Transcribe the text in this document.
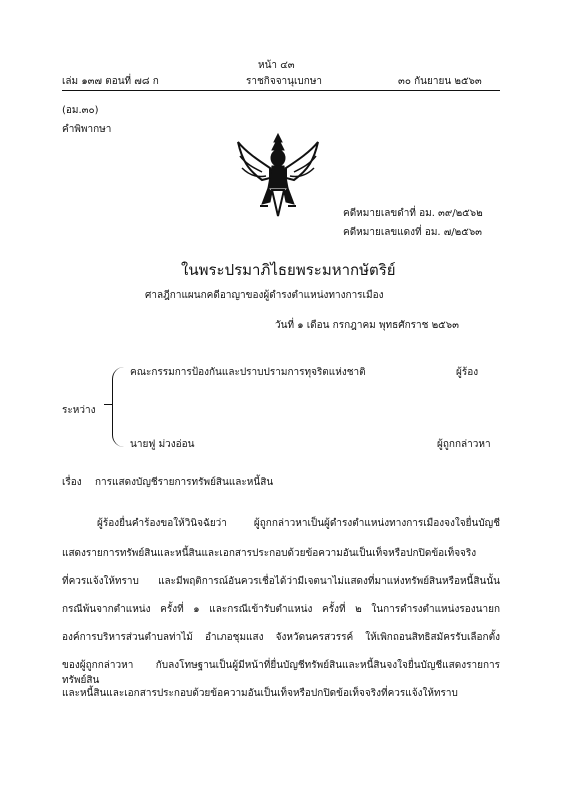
หน้า ๔๓
เล่ม ๑๓๗ ตอนที่ ๗๘ ก	ราชกิจจานุเบกษา	๓๐ กันยายน ๒๕๖๓
(อม.๓๐)
คำพิพากษา
คดีหมายเลขดำที่ อม. ๓๙/๒๕๖๒
คดีหมายเลขแดงที่ อม. ๗/๒๕๖๓
ในพระปรมาภิไธยพระมหากษัตริย์
ศาลฎีกาแผนกคดีอาญาของผู้ดำรงตำแหน่งทางการเมือง
วันที่ ๑ เดือน กรกฎาคม พุทธศักราช ๒๕๖๓
คณะกรรมการป้องกันและปราบปรามการทุจริตแห่งชาติ	ผู้ร้อง
ระหว่าง
นายฟู ม่วงอ่อน	ผู้ถูกกล่าวหา
เรื่อง การแสดงบัญชีรายการทรัพย์สินและหนี้สิน
ผู้ร้องยื่นคำร้องขอให้วินิจฉัยว่า ผู้ถูกกล่าวหาเป็นผู้ดำรงตำแหน่งทางการเมืองจงใจยื่นบัญชี
แสดงรายการทรัพย์สินและหนี้สินและเอกสารประกอบด้วยข้อความอันเป็นเท็จหรือปกปิดข้อเท็จจริง
ที่ควรแจ้งให้ทราบ และมีพฤติการณ์อันควรเชื่อได้ว่ามีเจตนาไม่แสดงที่มาแห่งทรัพย์สินหรือหนี้สินนั้น
กรณีพ้นจากตำแหน่ง ครั้งที่ ๑ และกรณีเข้ารับตำแหน่ง ครั้งที่ ๒ ในการดำรงตำแหน่งรองนายก
องค์การบริหารส่วนตำบลท่าไม้ อำเภอชุมแสง จังหวัดนครสวรรค์ ให้เพิกถอนสิทธิสมัครรับเลือกตั้ง
ของผู้ถูกกล่าวหา กับลงโทษฐานเป็นผู้มีหน้าที่ยื่นบัญชีทรัพย์สินและหนี้สินจงใจยื่นบัญชีแสดงรายการทรัพย์สิน
และหนี้สินและเอกสารประกอบด้วยข้อความอันเป็นเท็จหรือปกปิดข้อเท็จจริงที่ควรแจ้งให้ทราบ
